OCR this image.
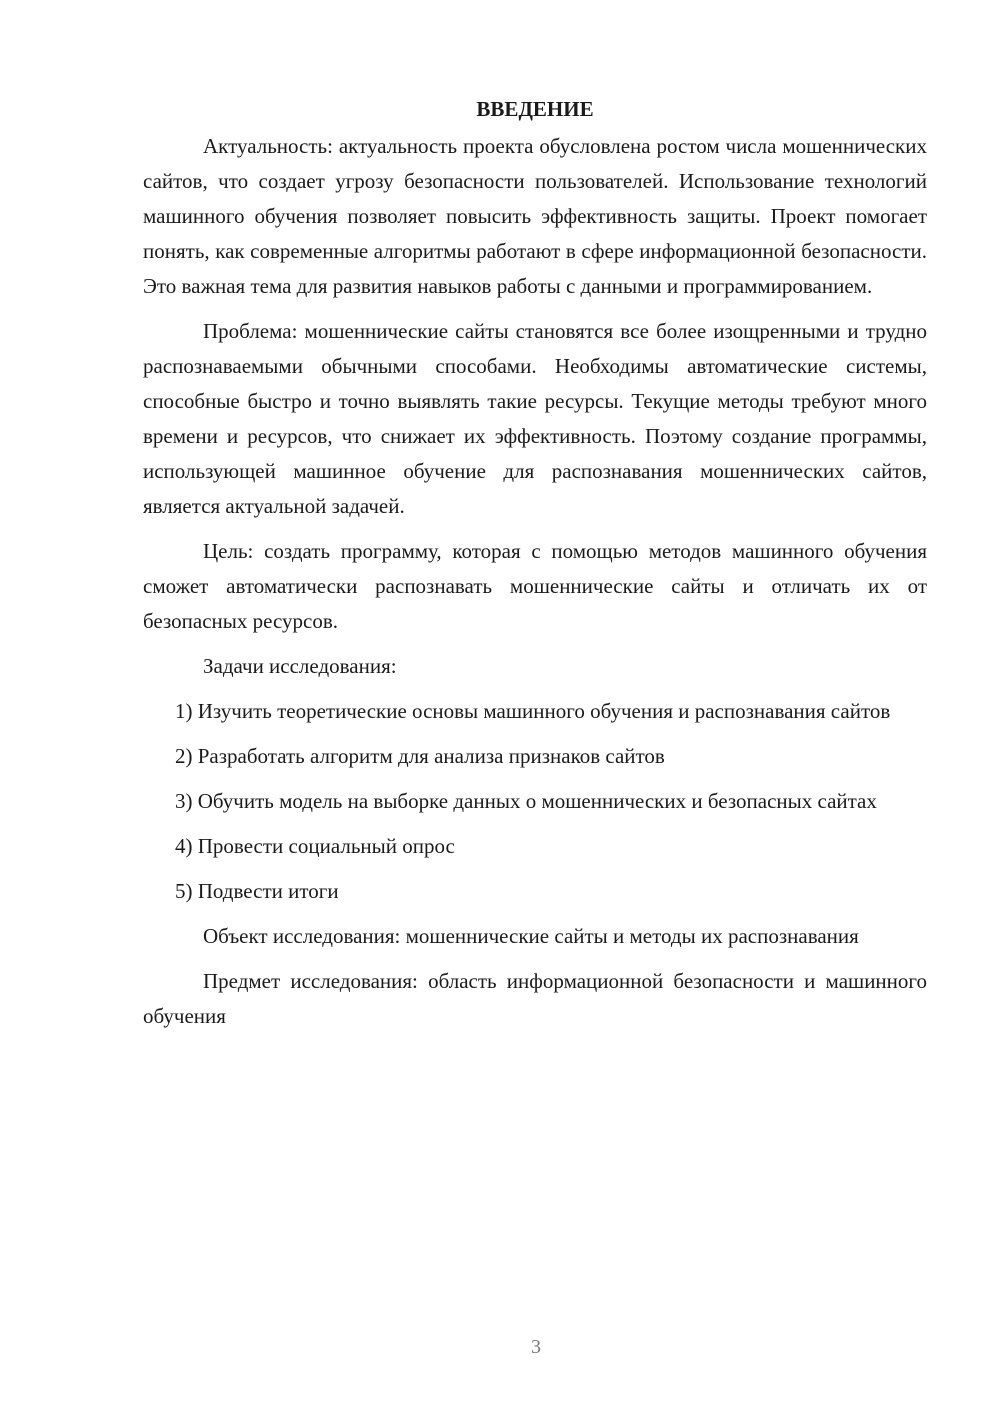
ВВЕДЕНИЕ

Актуальность: актуальность проекта обусловлена ростом числа мошеннических сайтов, что создает угрозу безопасности пользователей. Использование технологий машинного обучения позволяет повысить эффективность защиты. Проект помогает понять, как современные алгоритмы работают в сфере информационной безопасности. Это важная тема для развития навыков работы с данными и программированием.

Проблема: мошеннические сайты становятся все более изощренными и трудно распознаваемыми обычными способами. Необходимы автоматические системы, способные быстро и точно выявлять такие ресурсы. Текущие методы требуют много времени и ресурсов, что снижает их эффективность. Поэтому создание программы, использующей машинное обучение для распознавания мошеннических сайтов, является актуальной задачей.

Цель: создать программу, которая с помощью методов машинного обучения сможет автоматически распознавать мошеннические сайты и отличать их от безопасных ресурсов.

Задачи исследования:

1) Изучить теоретические основы машинного обучения и распознавания сайтов

2) Разработать алгоритм для анализа признаков сайтов

3) Обучить модель на выборке данных о мошеннических и безопасных сайтах

4) Провести социальный опрос

5) Подвести итоги

Объект исследования: мошеннические сайты и методы их распознавания

Предмет исследования: область информационной безопасности и машинного обучения

3
